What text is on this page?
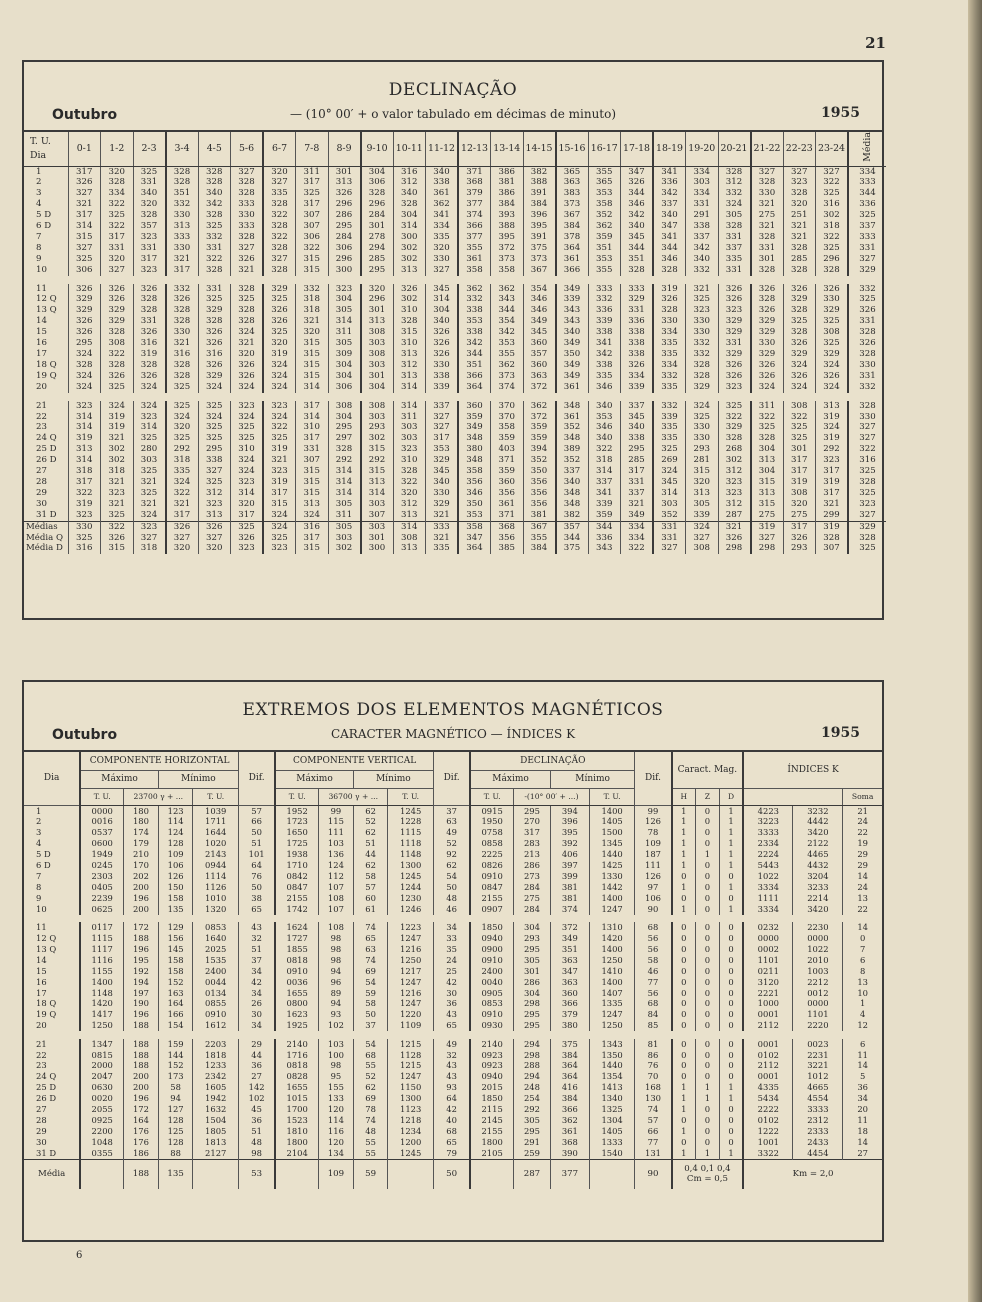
21
DECLINAÇÃO
Outubro	— (10° 00′ + o valor tabulado em décimas de minuto)	1955
T. U.
Dia	0-1	1-2	2-3	3-4	4-5	5-6	6-7	7-8	8-9	9-10	10-11	11-12	12-13	13-14	14-15	15-16	16-17	17-18	18-19	19-20	20-21	21-22	22-23	23-24	Média
1	317	320	325	328	328	327	320	311	301	304	316	340	371	386	382	365	355	347	341	334	328	327	327	327	334
2	326	328	331	328	328	328	327	317	313	306	312	338	368	381	388	363	365	326	336	303	312	328	323	322	333
3	327	334	340	351	340	328	335	325	326	328	340	361	379	386	391	383	353	344	342	334	332	330	328	325	344
4	321	322	320	332	342	333	328	317	296	296	328	362	377	384	384	373	358	346	337	331	324	321	320	316	336
5 D	317	325	328	330	328	330	322	307	286	284	304	341	374	393	396	367	352	342	340	291	305	275	251	302	325
6 D	314	322	357	313	325	333	328	307	295	301	314	334	366	388	395	384	362	340	347	338	328	321	321	318	337
7	315	317	323	333	332	328	322	306	284	278	300	335	377	395	391	378	359	345	341	337	331	328	321	322	333
8	327	331	331	330	331	327	328	322	306	294	302	320	355	372	375	364	351	344	344	342	337	331	328	325	331
9	325	320	317	321	322	326	327	315	296	285	302	330	361	373	373	361	353	351	346	340	335	301	285	296	327
10	306	327	323	317	328	321	328	315	300	295	313	327	358	358	367	366	355	328	328	332	331	328	328	328	329

11	326	326	326	332	331	328	329	332	323	320	326	345	362	362	354	349	333	333	319	321	326	326	326	326	332
12 Q	329	326	328	326	325	325	325	318	304	296	302	314	332	343	346	339	332	329	326	325	326	328	329	330	325
13 Q	329	329	328	328	329	328	326	318	305	301	310	304	338	344	346	343	336	331	328	323	323	326	328	329	326
14	326	329	331	328	328	328	326	321	314	313	328	340	353	354	349	343	339	336	330	330	329	329	325	325	331
15	326	328	326	330	326	324	325	320	311	308	315	326	338	342	345	340	338	338	334	330	329	329	328	308	328
16	295	308	316	321	326	321	320	315	305	303	310	326	342	353	360	349	341	338	335	332	331	330	326	325	326
17	324	322	319	316	316	320	319	315	309	308	313	326	344	355	357	350	342	338	335	332	329	329	329	329	328
18 Q	328	328	328	328	326	326	324	315	304	303	312	330	351	362	360	349	338	326	334	328	326	326	324	324	330
19 Q	324	326	326	328	329	326	324	315	304	301	313	338	366	373	363	349	335	334	332	328	326	326	326	326	331
20	324	325	324	325	324	324	324	314	306	304	314	339	364	374	372	361	346	339	335	329	323	324	324	324	332

21	323	324	324	325	325	323	323	317	308	308	314	337	360	370	362	348	340	337	332	324	325	311	308	313	328
22	314	319	323	324	324	324	324	314	304	303	311	327	359	370	372	361	353	345	339	325	322	322	322	319	330
23	314	319	314	320	325	325	322	310	295	293	303	327	349	358	359	352	346	340	335	330	329	325	325	324	327
24 Q	319	321	325	325	325	325	325	317	297	302	303	317	348	359	359	348	340	338	335	330	328	328	325	319	327
25 D	313	302	280	292	295	310	319	331	328	315	323	353	380	403	394	389	322	295	325	293	268	304	301	292	322
26 D	314	302	303	318	338	324	321	307	292	292	310	329	348	371	352	352	318	285	269	281	302	313	317	323	316
27	318	318	325	335	327	324	323	315	314	315	328	345	358	359	350	337	314	317	324	315	312	304	317	317	325
28	317	321	321	324	325	323	319	315	314	313	322	340	356	360	356	340	337	331	345	320	323	315	319	319	328
29	322	323	325	322	312	314	317	315	314	314	320	330	346	356	356	348	341	337	314	313	323	313	308	317	325
30	319	321	321	321	323	320	315	313	305	303	312	329	350	361	356	348	339	321	303	305	312	315	320	321	323
31 D	323	325	324	317	313	317	324	324	311	307	313	321	353	371	381	382	359	349	352	339	287	275	275	299	327
Médias	330	322	323	326	326	325	324	316	305	303	314	333	358	368	367	357	344	334	331	324	321	319	317	319	329
Média Q	325	326	327	327	327	326	325	317	303	301	308	321	347	356	355	344	336	334	331	327	326	327	326	328	328
Média D	316	315	318	320	320	323	323	315	302	300	313	335	364	385	384	375	343	322	327	308	298	298	293	307	325
EXTREMOS DOS ELEMENTOS MAGNÉTICOS
Outubro	CARACTER MAGNÉTICO — ÍNDICES K	1955
Dia	COMPONENTE HORIZONTAL				Dif.	COMPONENTE VERTICAL				Dif.	DECLINAÇÃO				Dif.	Caract. Mag.			ÍNDICES K		
	Máximo		Mínimo			Máximo		Mínimo			Máximo		Mínimo								
	T. U.	23700 γ + ...		T. U.		T. U.	36700 γ + ...		T. U.		T. U.	-(10° 00′ + ...)		T. U.		H	Z	D			Soma
1	0000	180	123	1039	57	1952	99	62	1245	37	0915	295	394	1400	99	1	0	1	4223	3232	21
2	0016	180	114	1711	66	1723	115	52	1228	63	1950	270	396	1405	126	1	0	1	3223	4442	24
3	0537	174	124	1644	50	1650	111	62	1115	49	0758	317	395	1500	78	1	0	1	3333	3420	22
4	0600	179	128	1020	51	1725	103	51	1118	52	0858	283	392	1345	109	1	0	1	2334	2122	19
5 D	1949	210	109	2143	101	1938	136	44	1148	92	2225	213	406	1440	187	1	1	1	2224	4465	29
6 D	0245	170	106	0944	64	1710	124	62	1300	62	0826	286	397	1425	111	1	0	1	5443	4432	29
7	2303	202	126	1114	76	0842	112	58	1245	54	0910	273	399	1330	126	0	0	0	1022	3204	14
8	0405	200	150	1126	50	0847	107	57	1244	50	0847	284	381	1442	97	1	0	1	3334	3233	24
9	2239	196	158	1010	38	2155	108	60	1230	48	2155	275	381	1400	106	0	0	0	1111	2214	13
10	0625	200	135	1320	65	1742	107	61	1246	46	0907	284	374	1247	90	1	0	1	3334	3420	22

11	0117	172	129	0853	43	1624	108	74	1223	34	1850	304	372	1310	68	0	0	0	0232	2230	14
12 Q	1115	188	156	1640	32	1727	98	65	1247	33	0940	293	349	1420	56	0	0	0	0000	0000	0
13 Q	1117	196	145	2025	51	1855	98	63	1216	35	0900	295	351	1400	56	0	0	0	0002	1022	7
14	1116	195	158	1535	37	0818	98	74	1250	24	0910	305	363	1250	58	0	0	0	1101	2010	6
15	1155	192	158	2400	34	0910	94	69	1217	25	2400	301	347	1410	46	0	0	0	0211	1003	8
16	1400	194	152	0044	42	0036	96	54	1247	42	0040	286	363	1400	77	0	0	0	3120	2212	13
17	1148	197	163	0134	34	1655	89	59	1216	30	0905	304	360	1407	56	0	0	0	2221	0012	10
18 Q	1420	190	164	0855	26	0800	94	58	1247	36	0853	298	366	1335	68	0	0	0	1000	0000	1
19 Q	1417	196	166	0910	30	1623	93	50	1220	43	0910	295	379	1247	84	0	0	0	0001	1101	4
20	1250	188	154	1612	34	1925	102	37	1109	65	0930	295	380	1250	85	0	0	0	2112	2220	12

21	1347	188	159	2203	29	2140	103	54	1215	49	2140	294	375	1343	81	0	0	0	0001	0023	6
22	0815	188	144	1818	44	1716	100	68	1128	32	0923	298	384	1350	86	0	0	0	0102	2231	11
23	2000	188	152	1233	36	0818	98	55	1215	43	0923	288	364	1440	76	0	0	0	2112	3221	14
24 Q	2047	200	173	2342	27	0828	95	52	1247	43	0940	294	364	1354	70	0	0	0	0001	1012	5
25 D	0630	200	58	1605	142	1655	155	62	1150	93	2015	248	416	1413	168	1	1	1	4335	4665	36
26 D	0020	196	94	1942	102	1015	133	69	1300	64	1850	254	384	1340	130	1	1	1	5434	4554	34
27	2055	172	127	1632	45	1700	120	78	1123	42	2115	292	366	1325	74	1	0	0	2222	3333	20
28	0925	164	128	1504	36	1523	114	74	1218	40	2145	305	362	1304	57	0	0	0	0102	2312	11
29	2200	176	125	1805	51	1810	116	48	1234	68	2155	295	361	1405	66	1	0	0	1222	2333	18
30	1048	176	128	1813	48	1800	120	55	1200	65	1800	291	368	1333	77	0	0	0	1001	2433	14
31 D	0355	186	88	2127	98	2104	134	55	1245	79	2105	259	390	1540	131	1	1	1	3322	4454	27
Média		188	135		53		109	59		50		287	377		90	0,4 0,1 0,4
Cm = 0,5			Km = 2,0		
6
